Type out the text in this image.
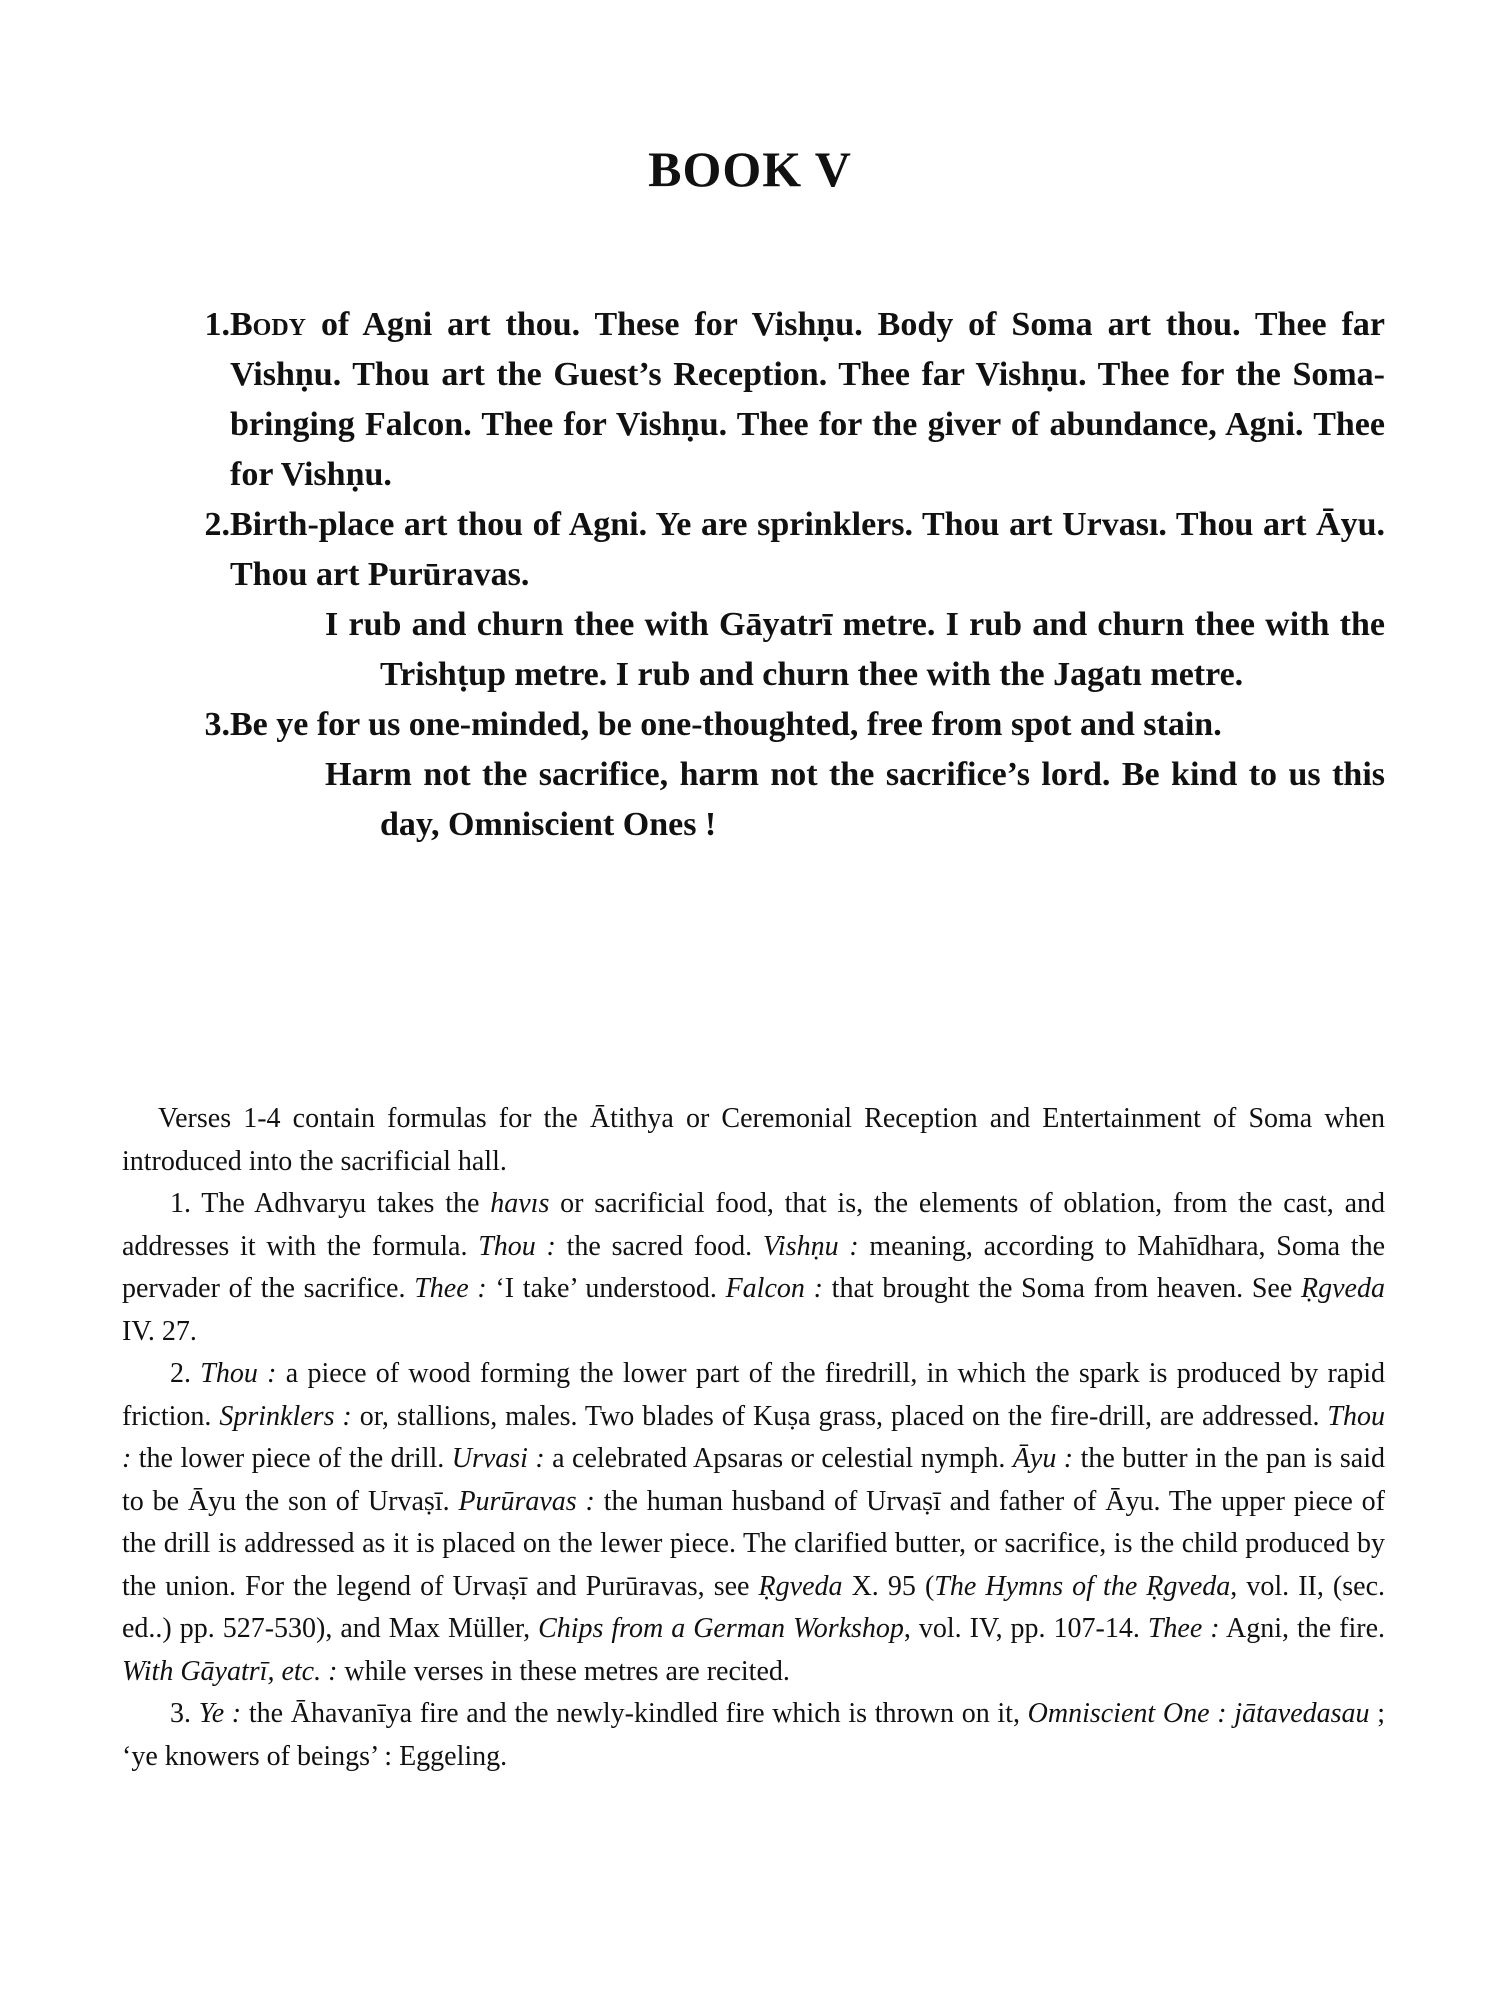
BOOK V
1. Body of Agni art thou. These for Vishṇu. Body of Soma art thou. Thee far Vishṇu. Thou art the Guest’s Reception. Thee far Vishṇu. Thee for the Soma-bringing Falcon. Thee for Vishṇu. Thee for the giver of abundance, Agni. Thee for Vishṇu.
2. Birth-place art thou of Agni. Ye are sprinklers. Thou art Urvası. Thou art Āyu. Thou art Purūravas.
I rub and churn thee with Gāyatrī metre. I rub and churn thee with the Trishṭup metre. I rub and churn thee with the Jagatı metre.
3. Be ye for us one-minded, be one-thoughted, free from spot and stain.
Harm not the sacrifice, harm not the sacrifice’s lord. Be kind to us this day, Omniscient Ones !

Verses 1-4 contain formulas for the Ātithya or Ceremonial Reception and Entertainment of Soma when introduced into the sacrificial hall.

1. The Adhvaryu takes the havıs or sacrificial food, that is, the elements of oblation, from the cast, and addresses it with the formula. Thou : the sacred food. Vishṇu : meaning, according to Mahīdhara, Soma the pervader of the sacrifice. Thee : ‘I take’ understood. Falcon : that brought the Soma from heaven. See Ṛgveda IV. 27.

2. Thou : a piece of wood forming the lower part of the firedrill, in which the spark is produced by rapid friction. Sprinklers : or, stallions, males. Two blades of Kuṣa grass, placed on the fire-drill, are addressed. Thou : the lower piece of the drill. Urvasi : a celebrated Apsaras or celestial nymph. Āyu : the butter in the pan is said to be Āyu the son of Urvaṣī. Purūravas : the human husband of Urvaṣī and father of Āyu. The upper piece of the drill is addressed as it is placed on the lewer piece. The clarified butter, or sacrifice, is the child produced by the union. For the legend of Urvaṣī and Purūravas, see Ṛgveda X. 95 (The Hymns of the Ṛgveda, vol. II, (sec. ed..) pp. 527-530), and Max Müller, Chips from a German Workshop, vol. IV, pp. 107-14. Thee : Agni, the fire. With Gāyatrī, etc. : while verses in these metres are recited.

3. Ye : the Āhavanīya fire and the newly-kindled fire which is thrown on it, Omniscient One : jātavedasau ; ‘ye knowers of beings’ : Eggeling.
